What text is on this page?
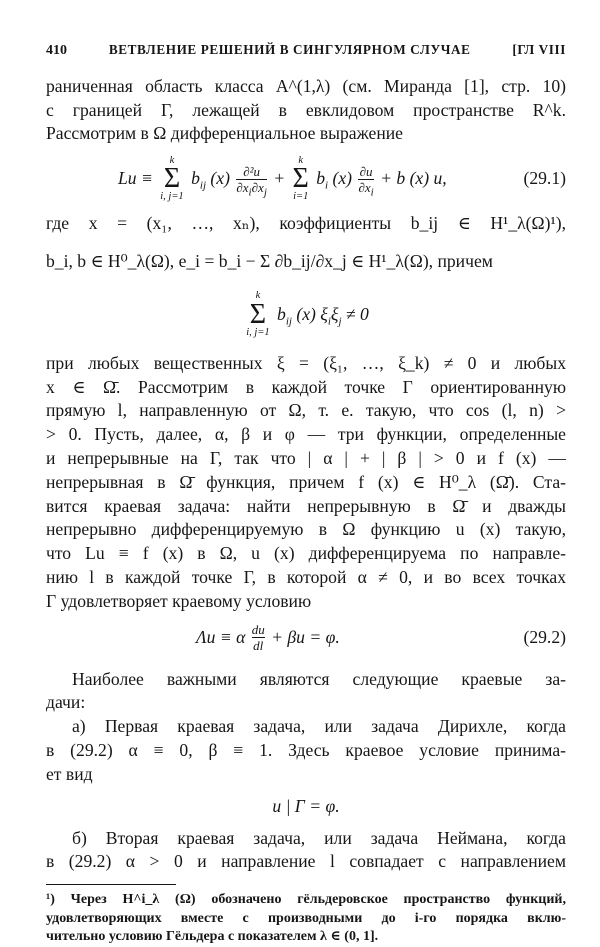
410	ВЕТВЛЕНИЕ РЕШЕНИЙ В СИНГУЛЯРНОМ СЛУЧАЕ	[ГЛ VIII

раниченная область класса A^(1,λ) (см. Миранда [1], стр. 10)

с границей Γ, лежащей в евклидовом пространстве R^k.

Рассмотрим в Ω дифференциальное выражение

Lu ≡
k
Σ
i, j=1
$b_{ij}$ $(x) \frac{\text{∂²u}}{\partial x_i\partial x_j}$ +
k
Σ
i=1
$b_i$ $(x) \frac{\partial u}{\partial x_i} + b$ (x) u,	(29.1)

где x = (x₁, …, xₙ), коэффициенты b_ij ∈ H¹_λ(Ω)¹),

b_i, b ∈ H⁰_λ(Ω), e_i = b_i − Σ ∂b_ij/∂x_j ∈ H¹_λ(Ω), причем

k
Σ
i, j=1
$b_{ij}$ (x) $\xi_i\xi_j \ne 0$

при любых вещественных ξ = (ξ₁, …, ξ_k) ≠ 0 и любых

x ∈ Ω̄. Рассмотрим в каждой точке Γ ориентированную

прямую l, направленную от Ω, т. е. такую, что cos (l, n) >

> 0. Пусть, далее, α, β и φ — три функции, определенные

и непрерывные на Γ, так что | α | + | β | > 0 и f (x) —

непрерывная в Ω̄ функция, причем f (x) ∈ H⁰_λ (Ω̄). Ста-

вится краевая задача: найти непрерывную в Ω̄ и дважды

непрерывно дифференцируемую в Ω функцию u (x) такую,

что Lu ≡ f (x) в Ω, u (x) дифференцируема по направле-

нию l в каждой точке Γ, в которой α ≠ 0, и во всех точках

Γ удовлетворяет краевому условию

Λu ≡ α $\frac{du}{dl} + \beta u = \varphi$.	(29.2)

Наиболее важными являются следующие краевые за-

дачи:

а) Первая краевая задача, или задача Дирихле, когда

в (29.2) α ≡ 0, β ≡ 1. Здесь краевое условие принима-

ет вид

u | Γ = φ.

б) Вторая краевая задача, или задача Неймана, когда

в (29.2) α > 0 и направление l совпадает с направлением

¹) Через H^i_λ (Ω) обозначено гёльдеровское пространство функций,

удовлетворяющих вместе с производными до i-го порядка вклю-

чительно условию Гёльдера с показателем λ ∈ (0, 1].
